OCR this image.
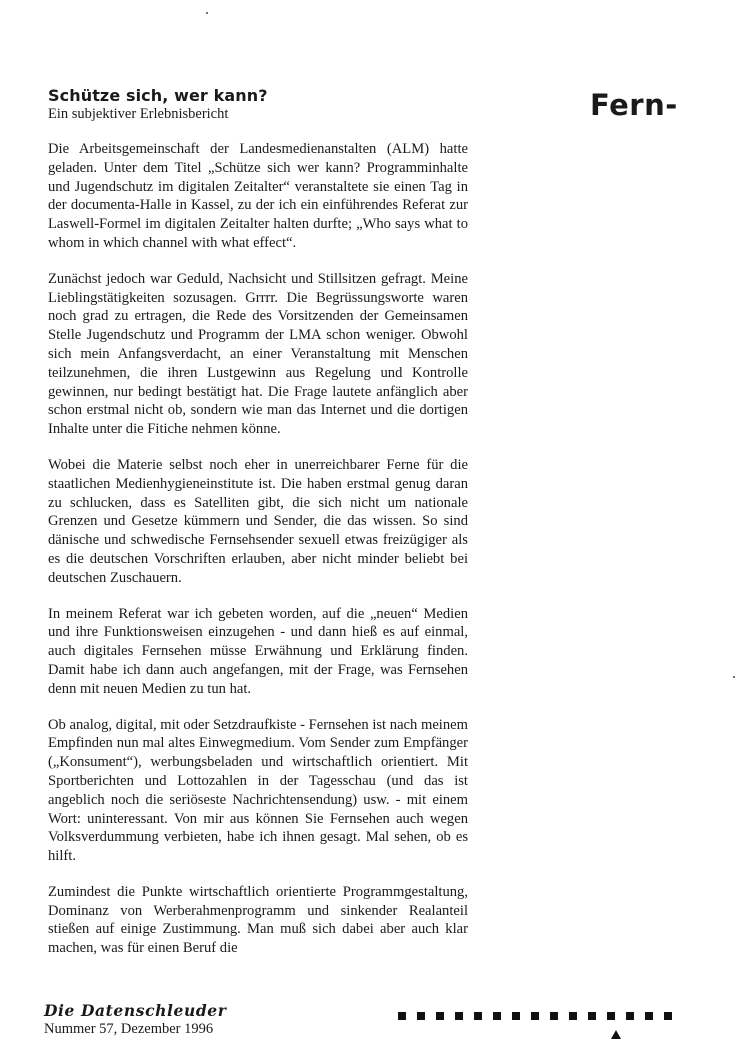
Schütze sich, wer kann?
Ein subjektiver Erlebnisbericht	Fern-

Die Arbeitsgemeinschaft der Landesmedienanstalten (ALM) hatte geladen. Unter dem Titel „Schütze sich wer kann? Programminhalte und Jugendschutz im digitalen Zeitalter“ veranstaltete sie einen Tag in der documenta-Halle in Kassel, zu der ich ein einführendes Referat zur Laswell-Formel im digitalen Zeitalter halten durfte; „Who says what to whom in which channel with what effect“.

Zunächst jedoch war Geduld, Nachsicht und Stillsitzen gefragt. Meine Lieblingstätigkeiten sozusagen. Grrrr. Die Begrüssungsworte waren noch grad zu ertragen, die Rede des Vorsitzenden der Gemeinsamen Stelle Jugendschutz und Programm der LMA schon weniger. Obwohl sich mein Anfangsverdacht, an einer Veranstaltung mit Menschen teilzunehmen, die ihren Lustgewinn aus Regelung und Kontrolle gewinnen, nur bedingt bestätigt hat. Die Frage lautete anfänglich aber schon erstmal nicht ob, sondern wie man das Internet und die dortigen Inhalte unter die Fitiche nehmen könne.

Wobei die Materie selbst noch eher in unerreichbarer Ferne für die staatlichen Medienhygieneinstitute ist. Die haben erstmal genug daran zu schlucken, dass es Satelliten gibt, die sich nicht um nationale Grenzen und Gesetze kümmern und Sender, die das wissen. So sind dänische und schwedische Fernsehsender sexuell etwas freizügiger als es die deutschen Vorschriften erlauben, aber nicht minder beliebt bei deutschen Zuschauern.

In meinem Referat war ich gebeten worden, auf die „neuen“ Medien und ihre Funktionsweisen einzugehen - und dann hieß es auf einmal, auch digitales Fernsehen müsse Erwähnung und Erklärung finden. Damit habe ich dann auch angefangen, mit der Frage, was Fernsehen denn mit neuen Medien zu tun hat.

Ob analog, digital, mit oder Setzdraufkiste - Fernsehen ist nach meinem Empfinden nun mal altes Einwegmedium. Vom Sender zum Empfänger („Konsument“), werbungsbeladen und wirtschaftlich orientiert. Mit Sportberichten und Lottozahlen in der Tagesschau (und das ist angeblich noch die seriöseste Nachrichtensendung) usw. - mit einem Wort: uninteressant. Von mir aus können Sie Fernsehen auch wegen Volksverdummung verbieten, habe ich ihnen gesagt. Mal sehen, ob es hilft.

Zumindest die Punkte wirtschaftlich orientierte Programmgestaltung, Dominanz von Werberahmenprogramm und sinkender Realanteil stießen auf einige Zustimmung. Man muß sich dabei aber auch klar machen, was für einen Beruf die

Die Datenschleuder
Nummer 57, Dezember 1996
